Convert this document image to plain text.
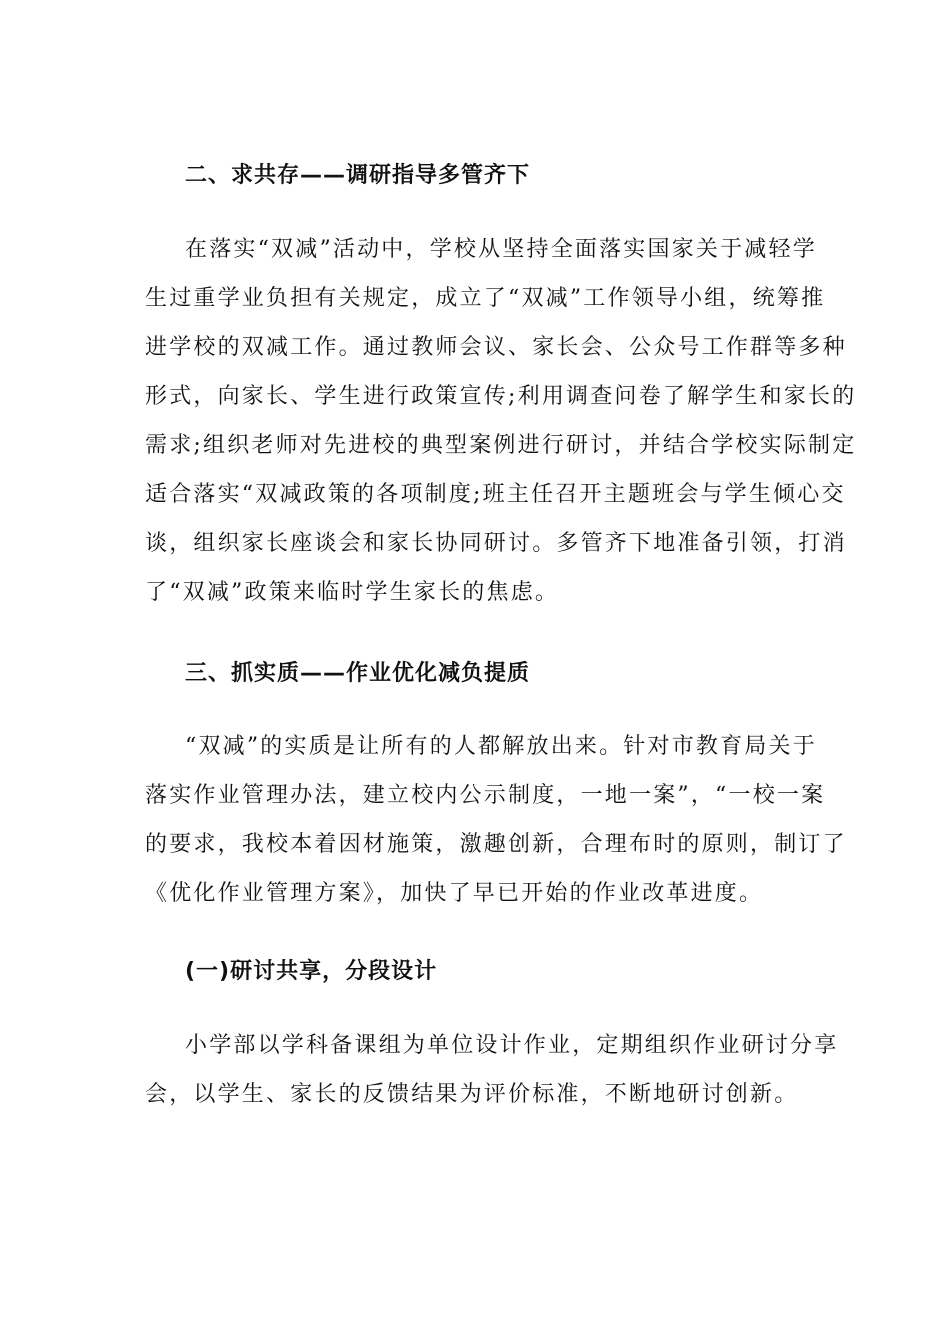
二、求共存——调研指导多管齐下
在落实“双减”活动中，学校从坚持全面落实国家关于减轻学
生过重学业负担有关规定，成立了“双减”工作领导小组，统筹推
进学校的双减工作。通过教师会议、家长会、公众号工作群等多种
形式，向家长、学生进行政策宣传;利用调查问卷了解学生和家长的
需求;组织老师对先进校的典型案例进行研讨，并结合学校实际制定
适合落实“双减政策的各项制度;班主任召开主题班会与学生倾心交
谈，组织家长座谈会和家长协同研讨。多管齐下地准备引领，打消
了“双减”政策来临时学生家长的焦虑。
三、抓实质——作业优化减负提质
“双减”的实质是让所有的人都解放出来。针对市教育局关于
落实作业管理办法，建立校内公示制度，一地一案”，“一校一案
的要求，我校本着因材施策，激趣创新，合理布时的原则，制订了
《优化作业管理方案》，加快了早已开始的作业改革进度。
(一)研讨共享，分段设计
小学部以学科备课组为单位设计作业，定期组织作业研讨分享
会，以学生、家长的反馈结果为评价标准，不断地研讨创新。
